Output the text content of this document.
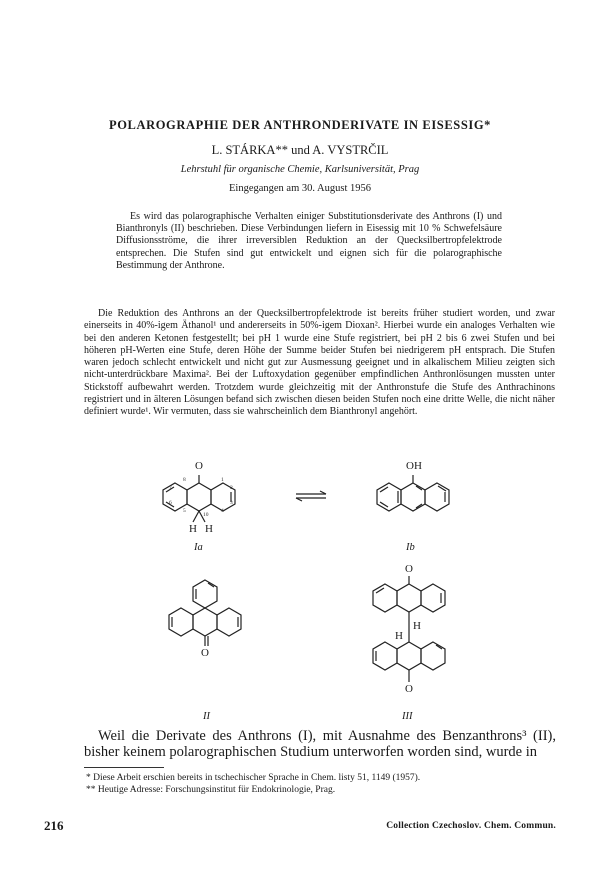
POLAROGRAPHIE DER ANTHRONDERIVATE IN EISESSIG*
L. STÁRKA** und A. VYSTRČIL
Lehrstuhl für organische Chemie, Karlsuniversität, Prag
Eingegangen am 30. August 1956

Es wird das polarographische Verhalten einiger Substitutionsderivate des Anthrons (I) und Bianthronyls (II) beschrieben. Diese Verbindungen liefern in Eisessig mit 10 % Schwefelsäure Diffusionsströme, die ihrer irreversiblen Reduktion an der Quecksilbertropfelektrode entsprechen. Die Stufen sind gut entwickelt und eignen sich für die polarographische Bestimmung der Anthrone.

Die Reduktion des Anthrons an der Quecksilbertropfelektrode ist bereits früher studiert worden, und zwar einerseits in 40%-igem Äthanol¹ und andererseits in 50%-igem Dioxan². Hierbei wurde ein analoges Verhalten wie bei den anderen Ketonen festgestellt; bei pH 1 wurde eine Stufe registriert, bei pH 2 bis 6 zwei Stufen und bei höheren pH-Werten eine Stufe, deren Höhe der Summe beider Stufen bei niedrigerem pH entsprach. Die Stufen waren jedoch schlecht entwickelt und nicht gut zur Ausmessung geeignet und in alkalischem Milieu zeigten sich nicht-unterdrückbare Maxima². Bei der Luftoxydation gegenüber empfindlichen Anthronlösungen mussten unter Stickstoff aufbewahrt werden. Trotzdem wurde gleichzeitig mit der Anthronstufe die Stufe des Anthrachinons registriert und in älteren Lösungen befand sich zwischen diesen beiden Stufen noch eine dritte Welle, die nicht näher definiert wurde¹. Wir vermuten, dass sie wahrscheinlich dem Bianthronyl angehört.

O
H H
8
7
6
5
10
4
3
2
1
Ia
OH
Ib
O
II
O
H
H
O
III

Weil die Derivate des Anthrons (I), mit Ausnahme des Benzanthrons³ (II), bisher keinem polarographischen Studium unterworfen worden sind, wurde in

* Diese Arbeit erschien bereits in tschechischer Sprache in Chem. listy 51, 1149 (1957).

** Heutige Adresse: Forschungsinstitut für Endokrinologie, Prag.

216	Collection Czechoslov. Chem. Commun.
